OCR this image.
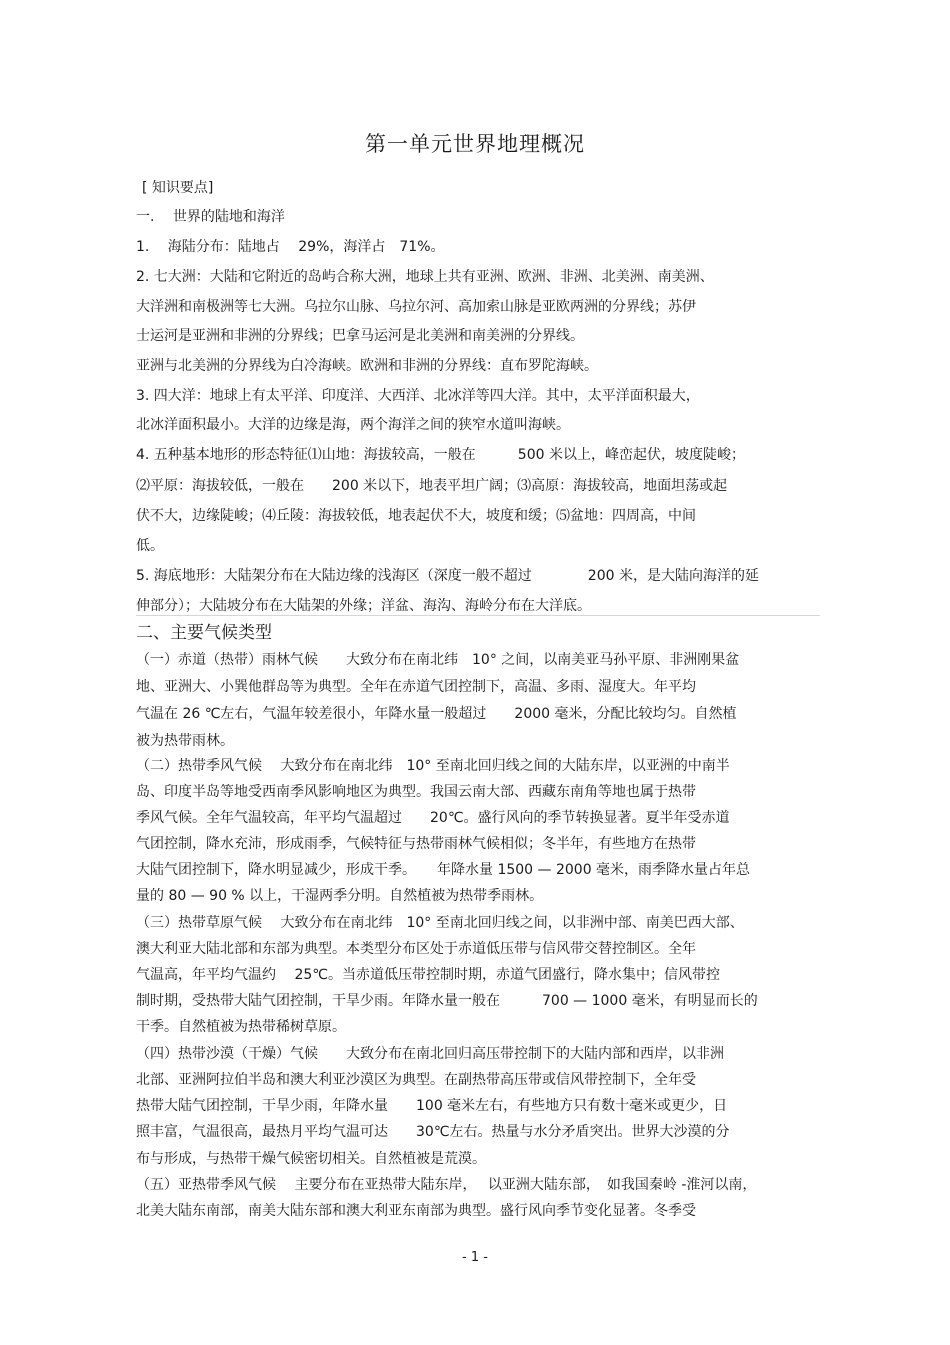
第一单元世界地理概况
[ 知识要点]
一.　 世界的陆地和海洋
1.　 海陆分布：陆地占　 29%，海洋占　71%。
2. 七大洲：大陆和它附近的岛屿合称大洲，地球上共有亚洲、欧洲、非洲、北美洲、南美洲、
大洋洲和南极洲等七大洲。乌拉尔山脉、乌拉尔河、高加索山脉是亚欧两洲的分界线；苏伊
士运河是亚洲和非洲的分界线；巴拿马运河是北美洲和南美洲的分界线。
亚洲与北美洲的分界线为白冷海峡。欧洲和非洲的分界线：直布罗陀海峡。
3. 四大洋：地球上有太平洋、印度洋、大西洋、北冰洋等四大洋。其中，太平洋面积最大，
北冰洋面积最小。大洋的边缘是海，两个海洋之间的狭窄水道叫海峡。
4. 五种基本地形的形态特征⑴山地：海拔较高，一般在　　　500 米以上，峰峦起伏，坡度陡峻；
⑵平原：海拔较低，一般在　　200 米以下，地表平坦广阔；⑶高原：海拔较高，地面坦荡或起
伏不大，边缘陡峻；⑷丘陵：海拔较低，地表起伏不大，坡度和缓；⑸盆地：四周高，中间
低。
5. 海底地形：大陆架分布在大陆边缘的浅海区（深度一般不超过　　　　200 米，是大陆向海洋的延
伸部分）；大陆坡分布在大陆架的外缘；洋盆、海沟、海岭分布在大洋底。
二、主要气候类型
（一）赤道（热带）雨林气候　　大致分布在南北纬　10° 之间，以南美亚马孙平原、非洲刚果盆
地、亚洲大、小巽他群岛等为典型。全年在赤道气团控制下，高温、多雨、湿度大。年平均
气温在 26 ℃左右，气温年较差很小，年降水量一般超过　　2000 毫米，分配比较均匀。自然植
被为热带雨林。
（二）热带季风气候　 大致分布在南北纬　10° 至南北回归线之间的大陆东岸，以亚洲的中南半
岛、印度半岛等地受西南季风影响地区为典型。我国云南大部、西藏东南角等地也属于热带
季风气候。全年气温较高，年平均气温超过　　20℃。盛行风向的季节转换显著。夏半年受赤道
气团控制，降水充沛，形成雨季，气候特征与热带雨林气候相似；冬半年，有些地方在热带
大陆气团控制下，降水明显减少，形成干季。　　年降水量 1500 — 2000 毫米，雨季降水量占年总
量的 80 — 90 % 以上，干湿两季分明。自然植被为热带季雨林。
（三）热带草原气候　 大致分布在南北纬　10° 至南北回归线之间，以非洲中部、南美巴西大部、
澳大利亚大陆北部和东部为典型。本类型分布区处于赤道低压带与信风带交替控制区。全年
气温高，年平均气温约　 25℃。当赤道低压带控制时期，赤道气团盛行，降水集中；信风带控
制时期，受热带大陆气团控制，干旱少雨。年降水量一般在　　　700 — 1000 毫米，有明显而长的
干季。自然植被为热带稀树草原。
（四）热带沙漠（干燥）气候　　大致分布在南北回归高压带控制下的大陆内部和西岸，以非洲
北部、亚洲阿拉伯半岛和澳大利亚沙漠区为典型。在副热带高压带或信风带控制下，全年受
热带大陆气团控制，干旱少雨，年降水量　　100 毫米左右，有些地方只有数十毫米或更少，日
照丰富，气温很高，最热月平均气温可达　　30℃左右。热量与水分矛盾突出。世界大沙漠的分
布与形成，与热带干燥气候密切相关。自然植被是荒漠。
（五）亚热带季风气候　 主要分布在亚热带大陆东岸，　 以亚洲大陆东部，　如我国秦岭 -淮河以南，
北美大陆东南部，南美大陆东部和澳大利亚东南部为典型。盛行风向季节变化显著。冬季受
- 1 -
